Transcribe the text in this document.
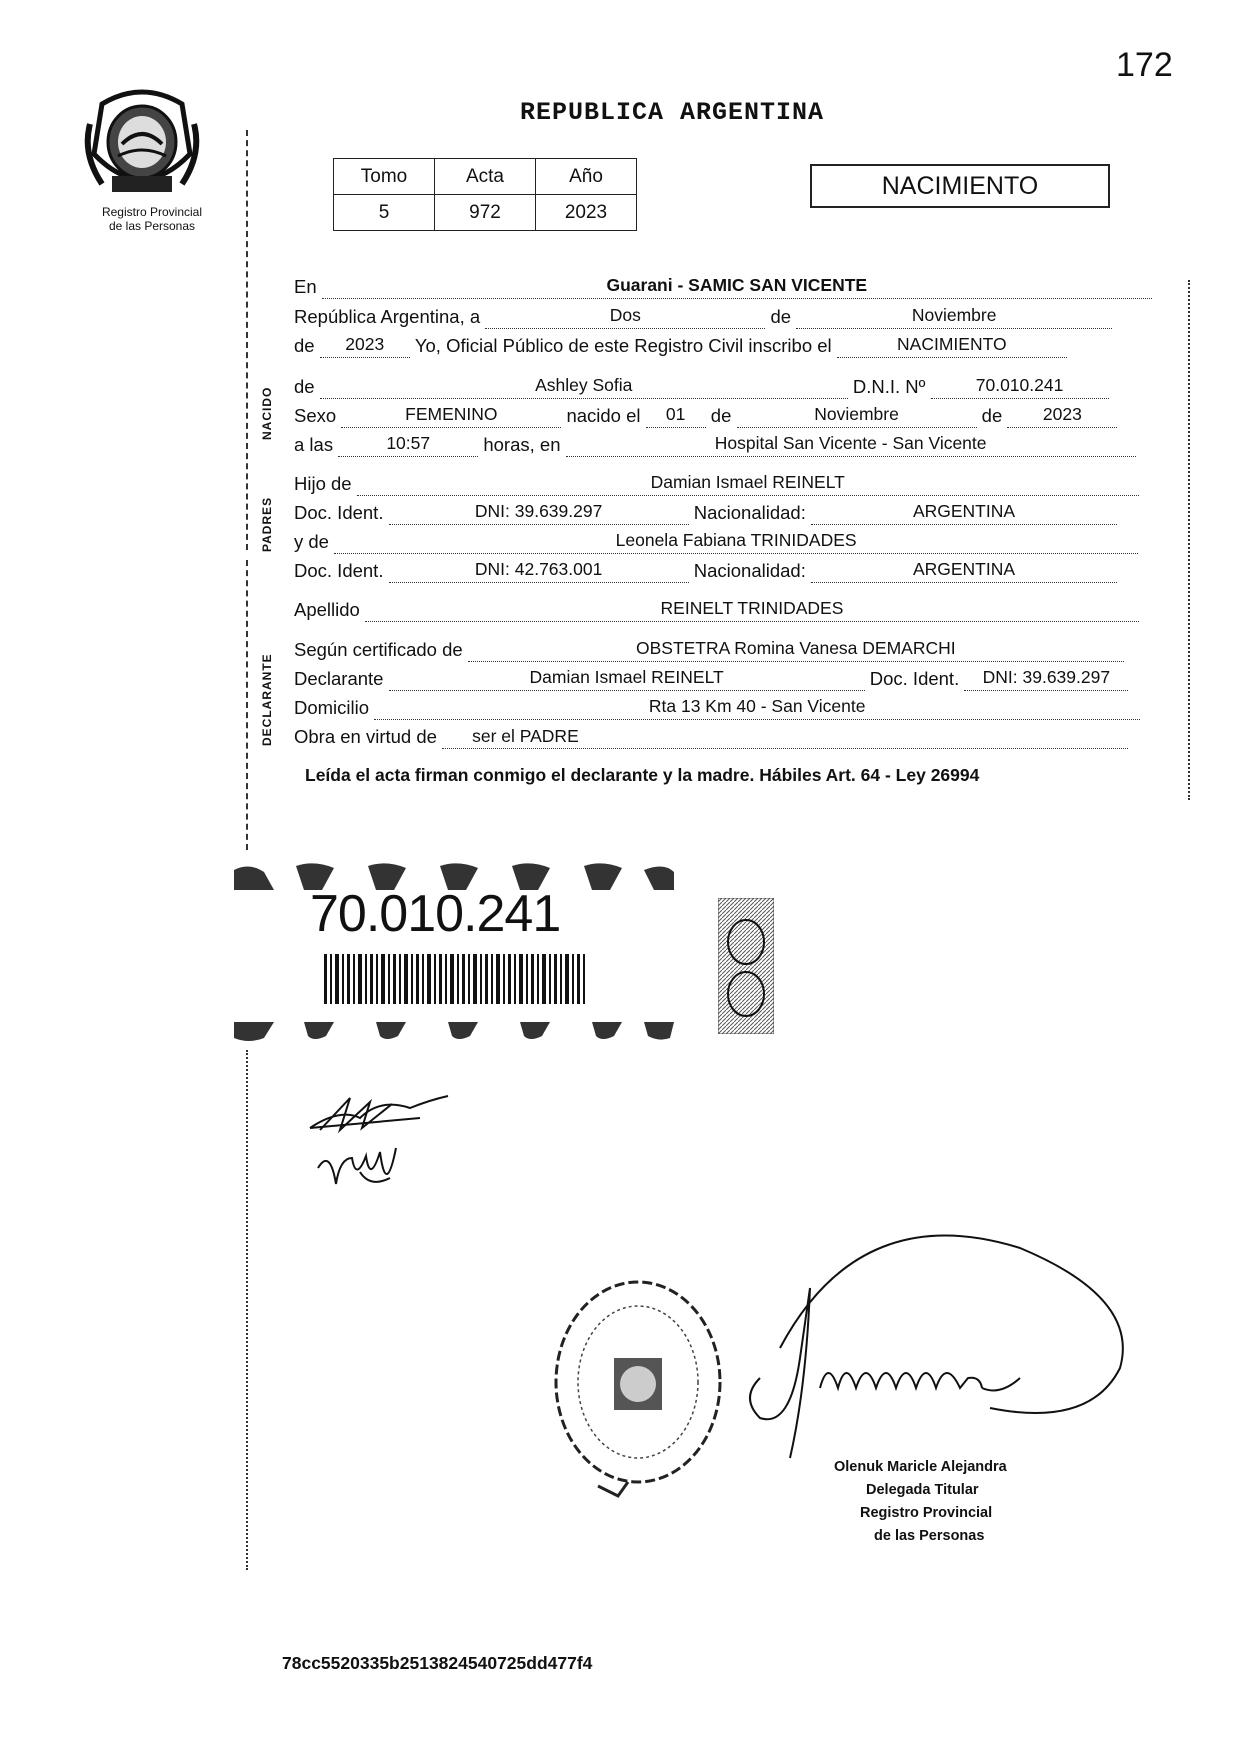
172
REPUBLICA ARGENTINA
Registro Provincial
de las Personas
Tomo	Acta	Año
5	972	2023
NACIMIENTO
NACIDO
PADRES
DECLARANTE
En	Guarani - SAMIC SAN VICENTE
República Argentina, a	Dos	de	Noviembre
de 2023 Yo, Oficial Público de este Registro Civil inscribo el	NACIMIENTO
de	Ashley Sofia	D.N.I. Nº	70.010.241
Sexo	FEMENINO	nacido el 01 de	Noviembre	de 2023
a las	10:57	horas, en	Hospital San Vicente - San Vicente
Hijo de	Damian Ismael REINELT
Doc. Ident.	DNI: 39.639.297	Nacionalidad:	ARGENTINA
y de	Leonela Fabiana TRINIDADES
Doc. Ident.	DNI: 42.763.001	Nacionalidad:	ARGENTINA
Apellido	REINELT TRINIDADES
Según certificado de	OBSTETRA Romina Vanesa DEMARCHI
Declarante	Damian Ismael REINELT	Doc. Ident. DNI: 39.639.297
Domicilio	Rta 13 Km 40 - San Vicente
Obra en virtud de ser el PADRE
Leída el acta firman conmigo el declarante y la madre. Hábiles Art. 64 - Ley 26994
70.010.241
Olenuk Maricle Alejandra
Delegada Titular
Registro Provincial
de las Personas
78cc5520335b2513824540725dd477f4
